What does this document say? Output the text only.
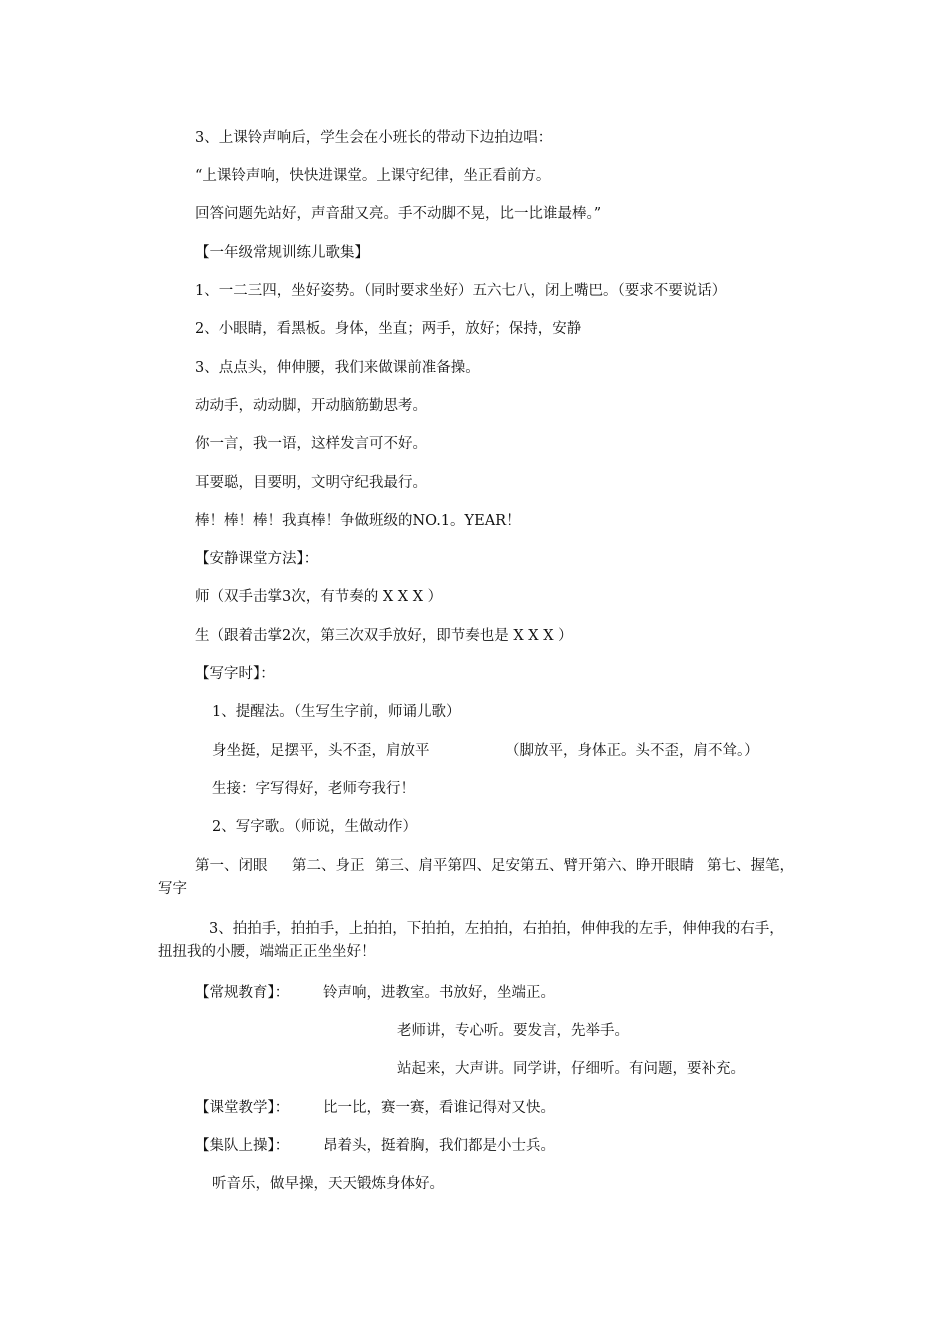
3、上课铃声响后，学生会在小班长的带动下边拍边唱：
“上课铃声响，快快进课堂。上课守纪律，坐正看前方。
回答问题先站好，声音甜又亮。手不动脚不晃，比一比谁最棒。”
【一年级常规训练儿歌集】
1、一二三四，坐好姿势。（同时要求坐好）五六七八，闭上嘴巴。（要求不要说话）
2、小眼睛，看黑板。身体，坐直；两手，放好；保持，安静
3、点点头，伸伸腰，我们来做课前准备操。
动动手，动动脚，开动脑筋勤思考。
你一言，我一语，这样发言可不好。
耳要聪，目要明，文明守纪我最行。
棒！棒！棒！我真棒！争做班级的NO.1。YEAR！
【安静课堂方法】：
师（双手击掌3次，有节奏的 X X X ）
生（跟着击掌2次，第三次双手放好，即节奏也是 X X X ）
【写字时】：
1、提醒法。（生写生字前，师诵儿歌）
身坐挺，足摆平，头不歪，肩放平	（脚放平，身体正。头不歪，肩不耸。）
生接：字写得好，老师夸我行！
2、写字歌。（师说，生做动作）
第一、闭眼 第二、身正 第三、肩平第四、足安第五、臂开第六、睁开眼睛 第七、握笔，
写字
3、拍拍手，拍拍手，上拍拍，下拍拍，左拍拍，右拍拍，伸伸我的左手，伸伸我的右手，扭扭我的小腰，端端正正坐坐好！
【常规教育】： 铃声响，进教室。书放好，坐端正。
老师讲，专心听。要发言，先举手。
站起来，大声讲。同学讲，仔细听。有问题，要补充。
【课堂教学】： 比一比，赛一赛，看谁记得对又快。
【集队上操】： 昂着头，挺着胸，我们都是小士兵。
听音乐，做早操，天天锻炼身体好。
